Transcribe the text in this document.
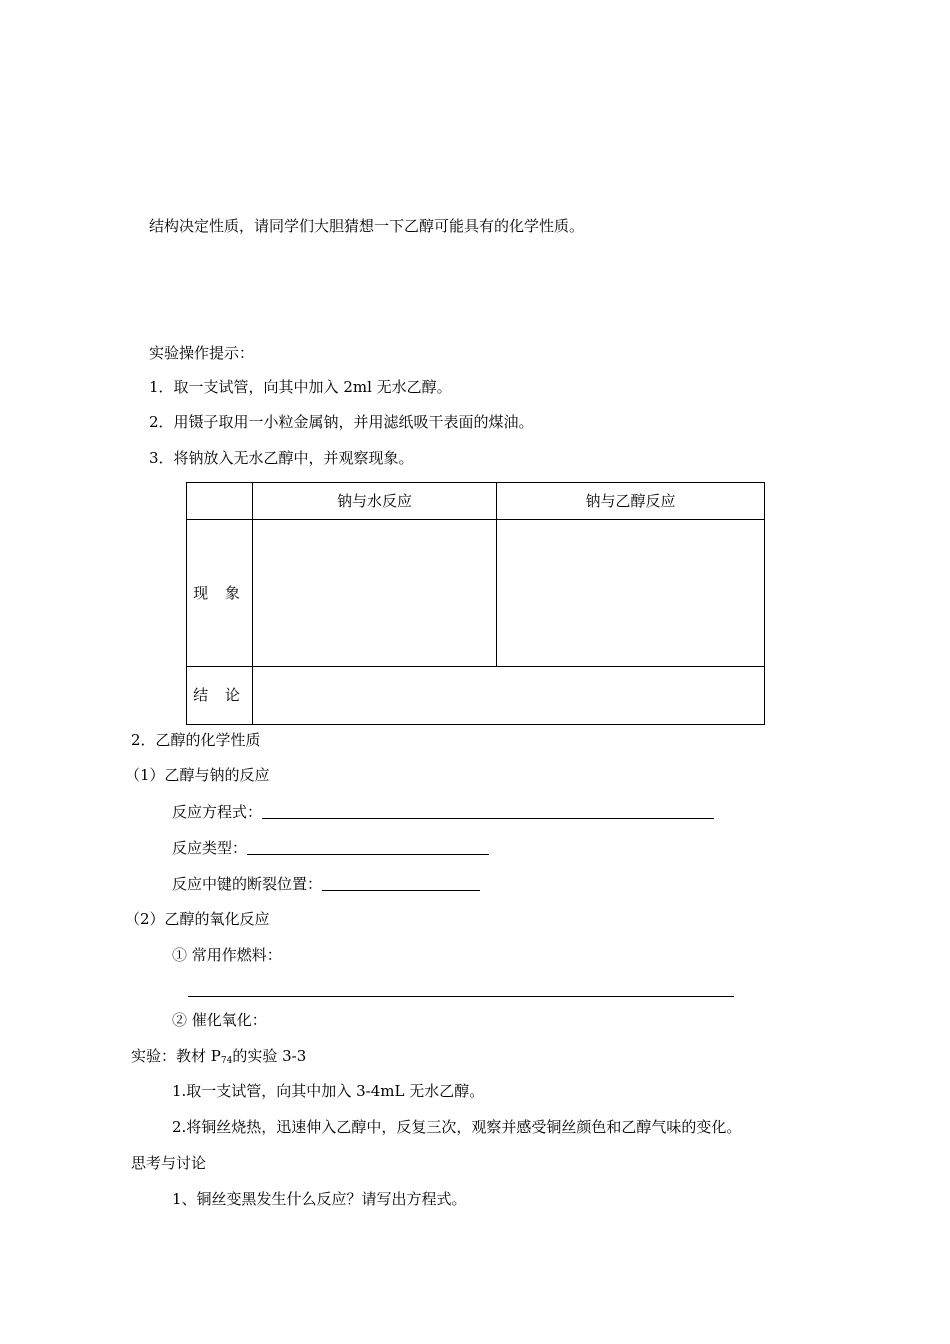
结构决定性质，请同学们大胆猜想一下乙醇可能具有的化学性质。
实验操作提示：
1．取一支试管，向其中加入 2ml 无水乙醇。
2．用镊子取用一小粒金属钠，并用滤纸吸干表面的煤油。
3．将钠放入无水乙醇中，并观察现象。
	钠与水反应	钠与乙醇反应
现 象		
结 论		
2．乙醇的化学性质
（1）乙醇与钠的反应
反应方程式：
反应类型：
反应中键的断裂位置：
（2）乙醇的氧化反应
① 常用作燃料：
② 催化氧化：
实验：教材 $P_{74}$的实验 3-3
1.取一支试管，向其中加入 3-4mL 无水乙醇。
2.将铜丝烧热，迅速伸入乙醇中，反复三次，观察并感受铜丝颜色和乙醇气味的变化。
思考与讨论
1、铜丝变黑发生什么反应？请写出方程式。
